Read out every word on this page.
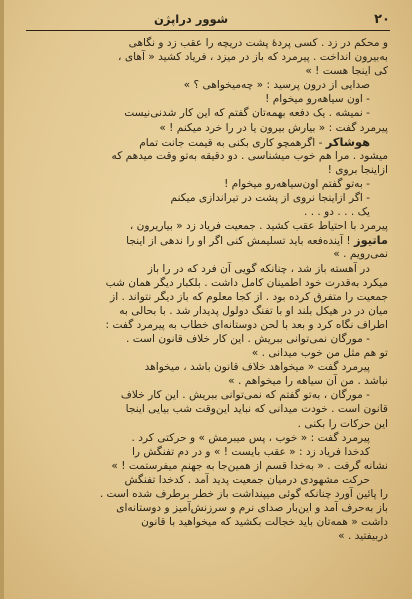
۲۰
شوور دراپژن
و محکم در زد . کسی پردهٔ پشت دریچه را عقب زد و نگاهی
به‌بیرون انداخت . پیرمرد که باز در میزد ، فریاد کشید « آهای ،
کی اینجا هست ! »
صدایی از درون پرسید : « چه‌میخواهی ؟ »
- اون سیاهه‌رو میخوام !
- نمیشه . یک دفعه بهمه‌تان گفتم که این کار شدنی‌نیست
پیرمرد گفت : « بیارش بیرون یا در را خرد میکنم ! »
هوشاکر - اگرهمچو کاری بکنی به قیمت جانت تمام
میشود . مرا هم خوب میشناسی . دو دقیقه به‌تو وقت میدهم که
ازاینجا بروی !
- به‌تو گفتم اون‌سیاهه‌رو میخوام !
- اگر ازاینجا نروی از پشت در تیراندازی میکنم
یک . . . دو . . .
پیرمرد با احتیاط عقب کشید . جمعیت فریاد زد « بیاریرون ،
ماتیوز ! آینده‌فعه باید تسلیمش کنی اگر او را ندهی از اینجا
نمی‌رویم . »
در آهسته باز شد ، چنانکه گویی آن فرد که در را باز
میکرد به‌قدرت خود اطمینان کامل داشت . بلکبار دیگر همان شب
جمعیت را متفرق کرده بود . از کجا معلوم که باز دیگر نتواند . از
میان در در هیکل بلند او با تفنگ دولول پدیدار شد . با بحالی به
اطراف نگاه کرد و بعد با لحن دوستانه‌ای خطاب به پیرمرد گفت :
- مورگان نمی‌توانی ببریش . این کار خلاف قانون است .
تو هم مثل من خوب میدانی . »
پیرمرد گفت « میخواهد خلاف قانون باشد ، میخواهد
نباشد . من آن سیاهه را میخواهم . »
- مورگان ، به‌تو گفتم که نمی‌توانی ببریش . این کار خلاف
قانون است . خودت میدانی که نباید این‌وقت شب بیایی اینجا
این حرکات را بکنی .
پیرمرد گفت : « خوب ، پس میبرمش » و حرکتی کرد .
کدخدا فریاد زد : « عقب بایست ! » و در دم تفنگش را
نشانه گرفت . « به‌خدا قسم از همین‌جا به جهنم میفرستمت ! »
حرکت مشهودی درمیان جمعیت پدید آمد . کدخدا تفنگش
را پائین آورد چنانکه گوئی میپنداشت باز خطر برطرف شده است .
باز به‌حرف آمد و این‌بار صدای نرم و سرزنش‌آمیز و دوستانه‌ای
داشت « همه‌تان باید خجالت بکشید که میخواهید با قانون
دربیفتید . »
